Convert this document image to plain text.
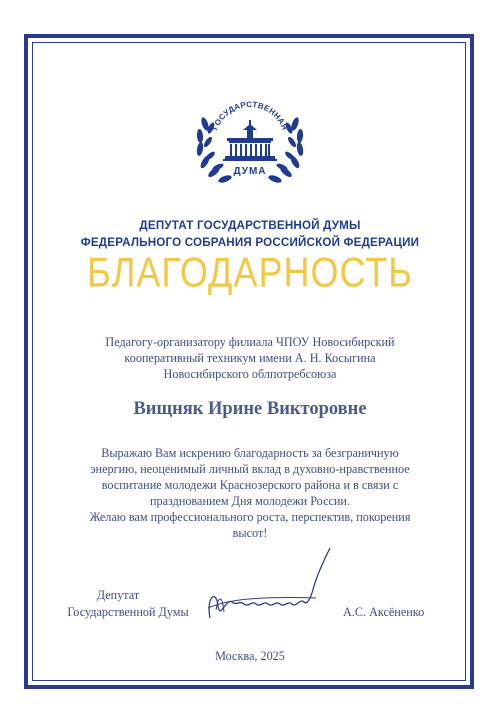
ГОСУДАРСТВЕННАЯ
ДУМА
ДЕПУТАТ ГОСУДАРСТВЕННОЙ ДУМЫ
ФЕДЕРАЛЬНОГО СОБРАНИЯ РОССИЙСКОЙ ФЕДЕРАЦИИ
БЛАГОДАРНОСТЬ
Педагогу-организатору филиала ЧПОУ Новосибирский
кооперативный техникум имени А. Н. Косыгина
Новосибирского облпотребсоюза
Вищняк Ирине Викторовне
Выражаю Вам искрению благодарность за безграничную
энергию, неоценимый личный вклад в духовно-нравственное
воспитание молодежи Краснозерского района и в связи с
празднованием Дня молодежи России.
Желаю вам профессионального роста, перспектив, покорения
высот!
Депутат
Государственной Думы	А.С. Аксёненко
Москва, 2025
